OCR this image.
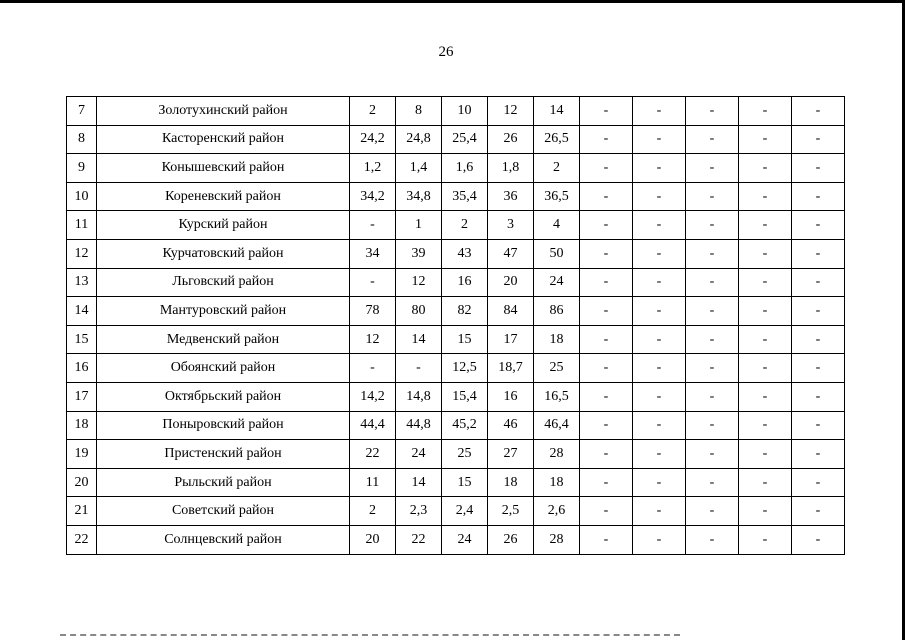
26
7	Золотухинский район	2	8	10	12	14	-	-	-	-	-
8	Касторенский район	24,2	24,8	25,4	26	26,5	-	-	-	-	-
9	Конышевский район	1,2	1,4	1,6	1,8	2	-	-	-	-	-
10	Кореневский район	34,2	34,8	35,4	36	36,5	-	-	-	-	-
11	Курский район	-	1	2	3	4	-	-	-	-	-
12	Курчатовский район	34	39	43	47	50	-	-	-	-	-
13	Льговский район	-	12	16	20	24	-	-	-	-	-
14	Мантуровский район	78	80	82	84	86	-	-	-	-	-
15	Медвенский район	12	14	15	17	18	-	-	-	-	-
16	Обоянский район	-	-	12,5	18,7	25	-	-	-	-	-
17	Октябрьский район	14,2	14,8	15,4	16	16,5	-	-	-	-	-
18	Поныровский район	44,4	44,8	45,2	46	46,4	-	-	-	-	-
19	Пристенский район	22	24	25	27	28	-	-	-	-	-
20	Рыльский район	11	14	15	18	18	-	-	-	-	-
21	Советский район	2	2,3	2,4	2,5	2,6	-	-	-	-	-
22	Солнцевский район	20	22	24	26	28	-	-	-	-	-
